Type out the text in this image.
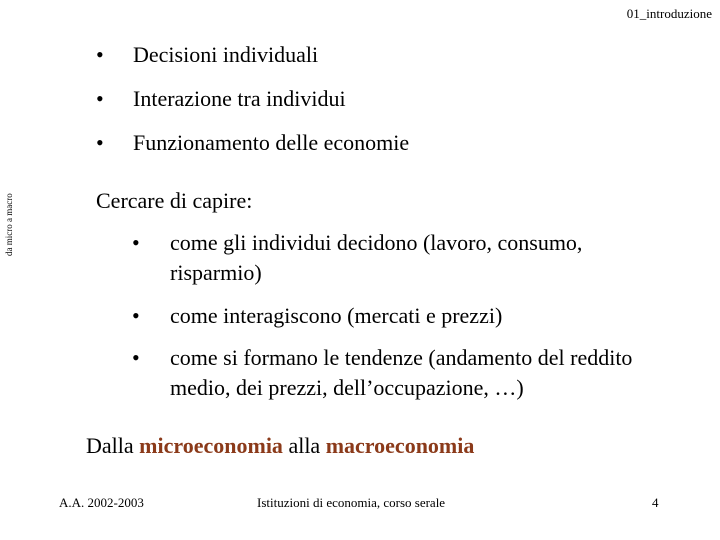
01_introduzione
da micro a macro
• Decisioni individuali
• Interazione tra individui
• Funzionamento delle economie
Cercare di capire:
• come gli individui decidono (lavoro, consumo, risparmio)
• come interagiscono (mercati e prezzi)
• come si formano le tendenze (andamento del reddito medio, dei prezzi, dell’occupazione, …)
Dalla microeconomia alla macroeconomia
A.A. 2002-2003	Istituzioni di economia, corso serale	4
